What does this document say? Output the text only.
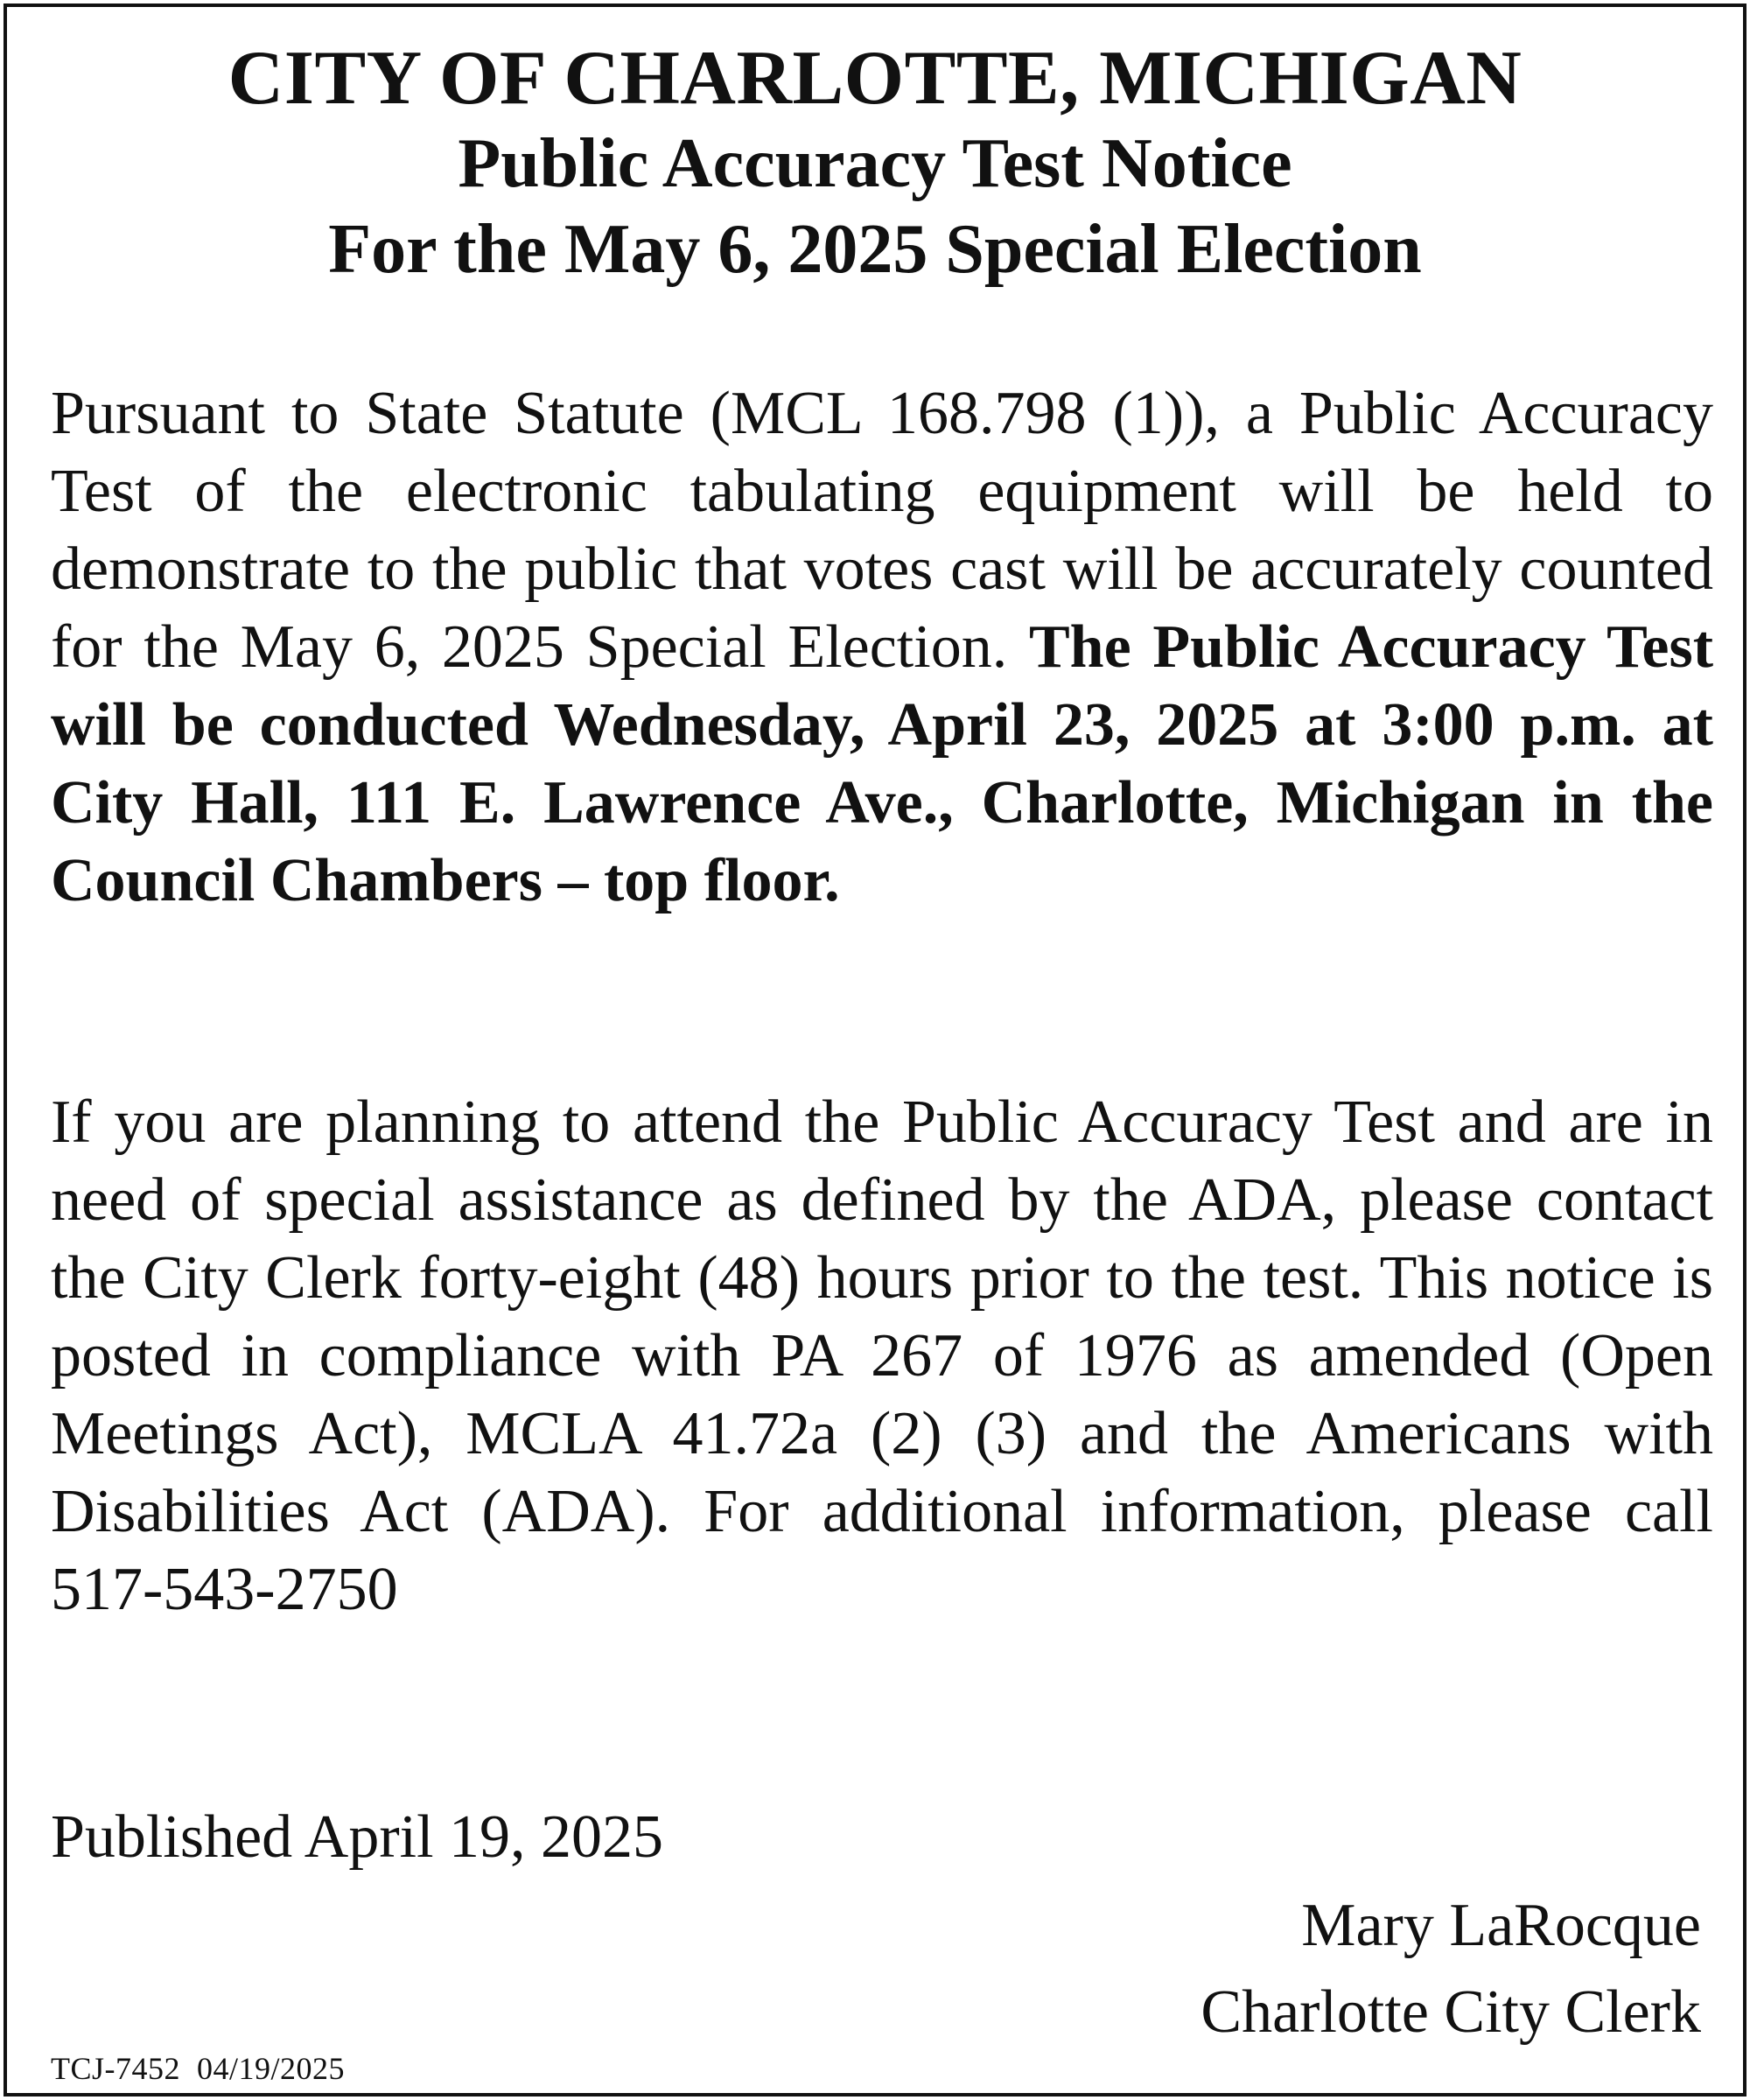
CITY OF CHARLOTTE, MICHIGAN
Public Accuracy Test Notice
For the May 6, 2025 Special Election
Pursuant to State Statute (MCL 168.798 (1)), a Public Accuracy Test of the electronic tabulating equipment will be held to demonstrate to the public that votes cast will be accurately counted for the May 6, 2025 Special Election. The Public Accuracy Test will be conducted Wednesday, April 23, 2025 at 3:00 p.m. at City Hall, 111 E. Lawrence Ave., Charlotte, Michigan in the Council Chambers – top floor.
If you are planning to attend the Public Accuracy Test and are in need of special assistance as defined by the ADA, please contact the City Clerk forty-eight (48) hours prior to the test. This notice is posted in compliance with PA 267 of 1976 as amended (Open Meetings Act), MCLA 41.72a (2) (3) and the Americans with Disabilities Act (ADA). For additional information, please call 517-543-2750
Published April 19, 2025
Mary LaRocque
Charlotte City Clerk
TCJ-7452  04/19/2025
